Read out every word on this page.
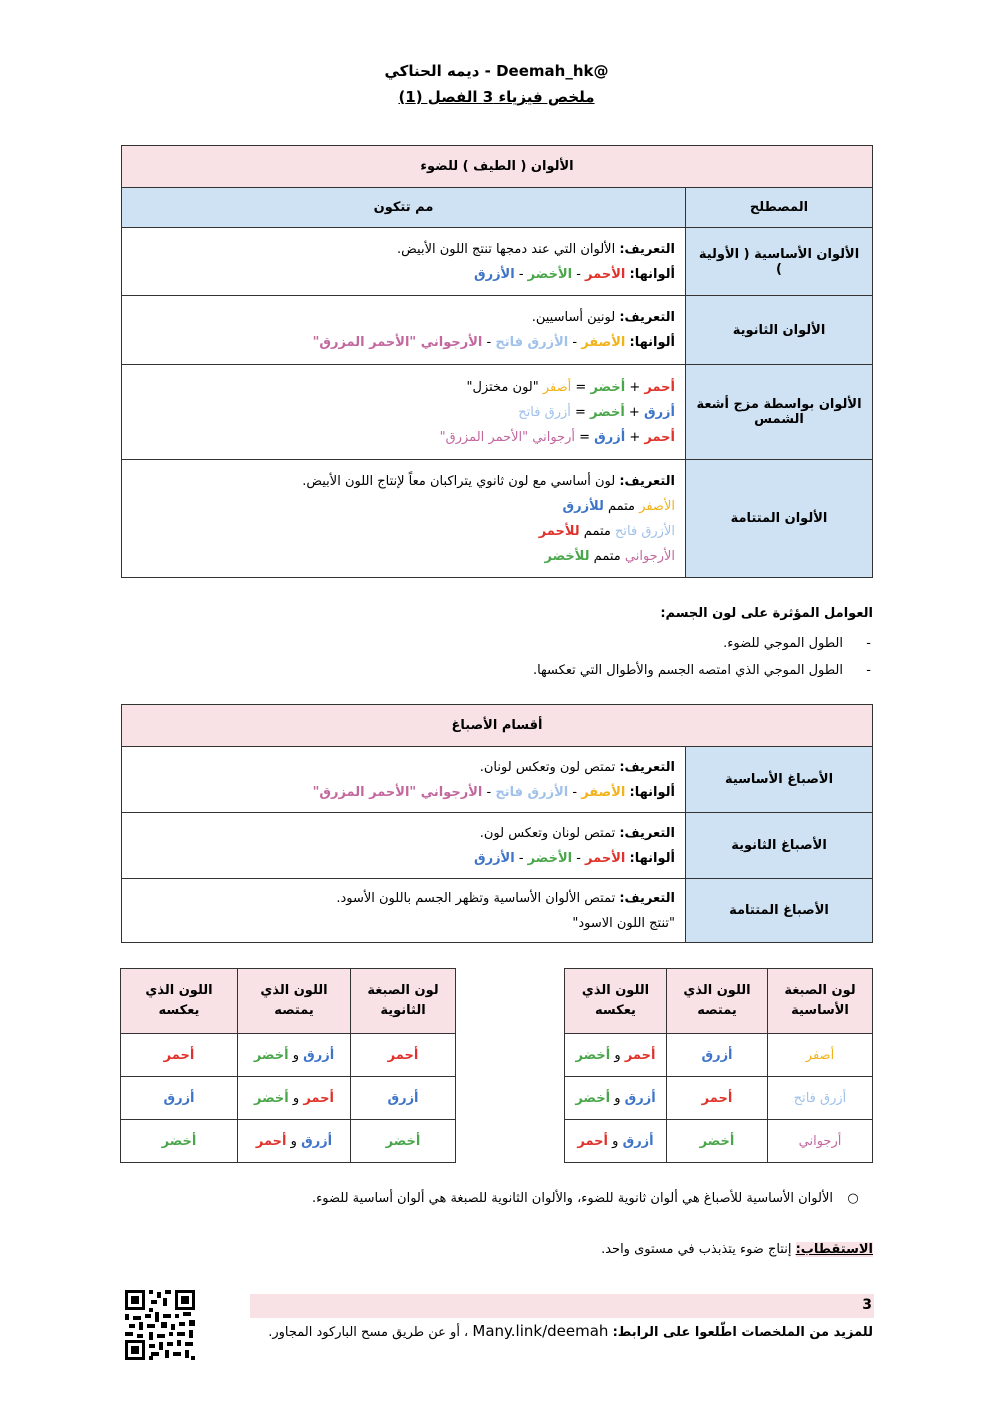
@Deemah_hk - ديمه الحناكي
ملخص فيزياء 3 الفصل (1)
الألوان ( الطيف ) للضوء	
المصطلح	مم تتكون
الألوان الأساسية ( الأولية )	التعريف: الألوان التي عند دمجها تنتج اللون الأبيض.
ألوانها: الأحمر - الأخضر - الأزرق

الألوان الثانوية	التعريف: لونين أساسيين.
ألوانها: الأصفر - الأزرق فاتح - الأرجواني "الأحمر المزرق"

الألوان بواسطة مزج أشعة الشمس	أحمر + أخضر = أصفر "لون مختزل"
أزرق + أخضر = أزرق فاتح
أحمر + أزرق = أرجواني "الأحمر المزرق"

الألوان المتتامة	التعريف: لون أساسي مع لون ثانوي يتراكبان معاً لإنتاج اللون الأبيض.
الأصفر متمم للأزرق
الأزرق فاتح متمم للأحمر
الأرجواني متمم للأخضر
العوامل المؤثرة على لون الجسم:
-
الطول الموجي للضوء.
-
الطول الموجي الذي امتصه الجسم والأطوال التي تعكسها.
أقسام الأصباغ	
الأصباغ الأساسية	التعريف: تمتص لون وتعكس لونان.
ألوانها: الأصفر - الأزرق فاتح - الأرجواني "الأحمر المزرق"

الأصباغ الثانوية	التعريف: تمتص لونان وتعكس لون.
ألوانها: الأحمر - الأخضر - الأزرق

الأصباغ المتتامة	التعريف: تمتص الألوان الأساسية وتظهر الجسم باللون الأسود.
"تنتج اللون الاسود"
لون الصبغة الأساسية	اللون الذي يمتصه	اللون الذي يعكسه
أصفر	أزرق	أحمر و أخضر
أزرق فاتح	أحمر	أزرق و أخضر
أرجواني	أخضر	أزرق و أحمر
لون الصبغة الثانوية	اللون الذي يمتصه	اللون الذي يعكسه
أحمر	أزرق و أخضر	أحمر
أزرق	أحمر و أخضر	أزرق
أخضر	أزرق و أحمر	أخضر
○الألوان الأساسية للأصباغ هي ألوان ثانوية للضوء، والألوان الثانوية للصبغة هي ألوان أساسية للضوء.
الاستقطاب: إنتاج ضوء يتذبذب في مستوى واحد.
3
للمزيد من الملخصات اطّلعوا على الرابط: Many.link/deemah ، أو عن طريق مسح الباركود المجاور.
